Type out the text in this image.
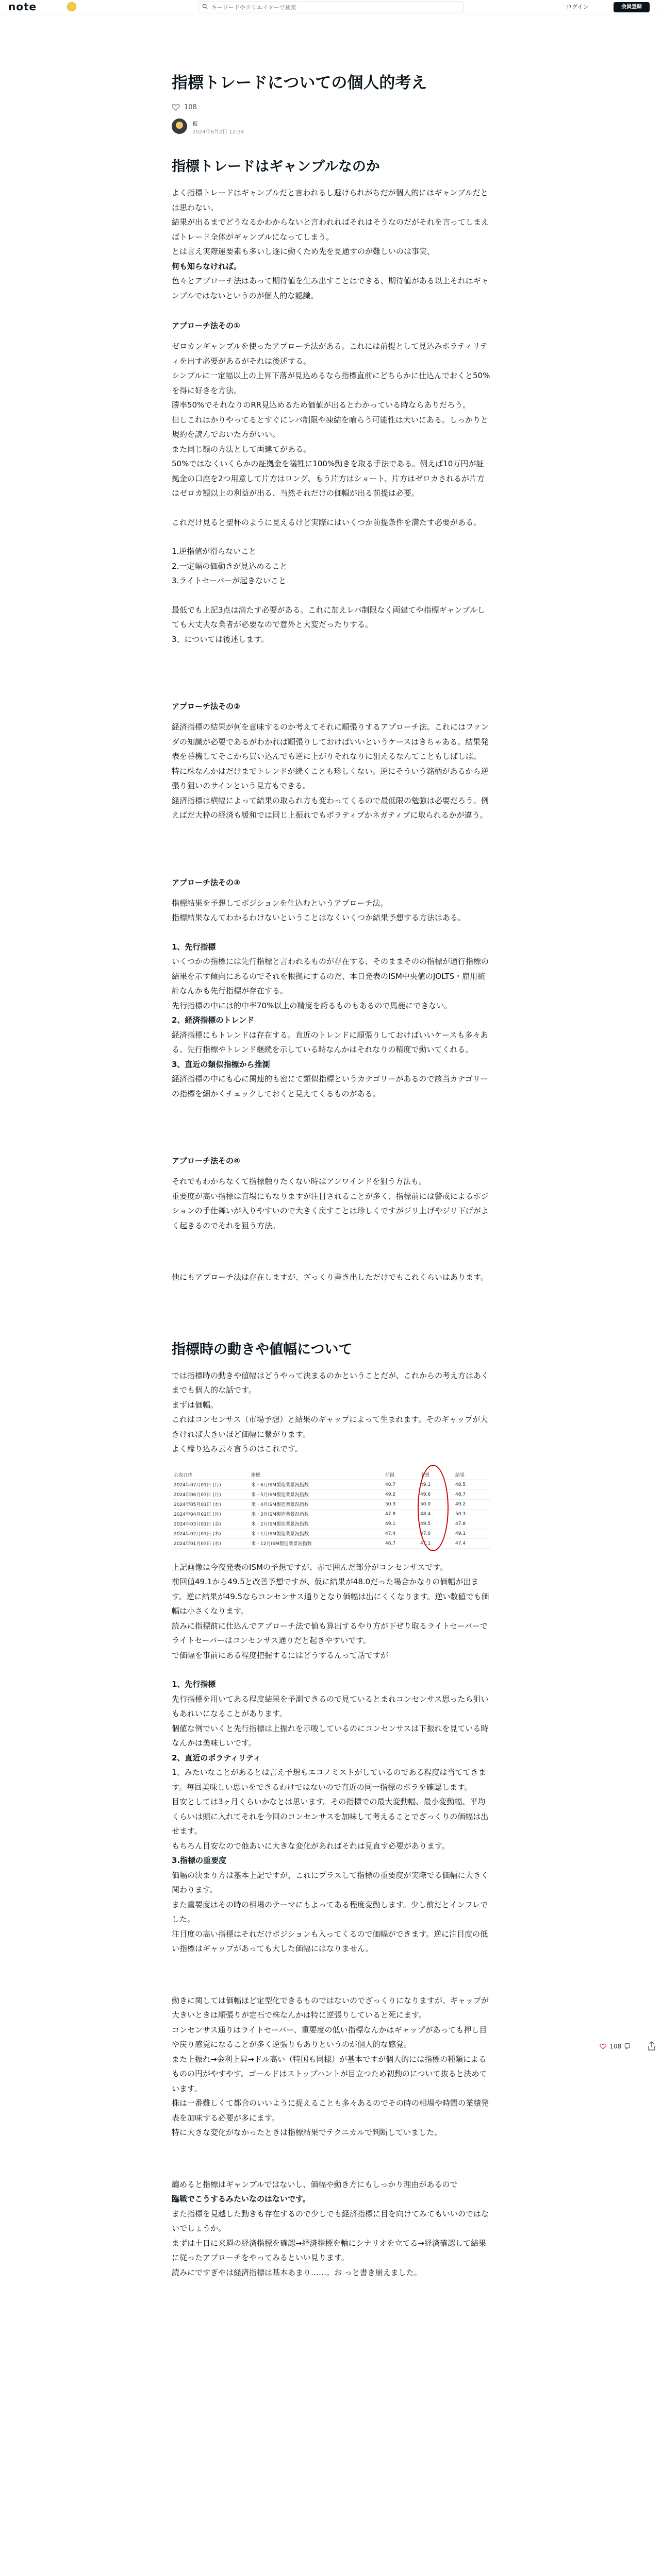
note
キーワードやクリエイターで検索	ログイン	会員登録
108
指標トレードについての個人的考え
108
仮
2024年8月2日 12:34
指標トレードはギャンブルなのか

よく指標トレードはギャンブルだと言われるし避けられがちだが個人的にはギャンブルだとは思わない。

結果が出るまでどうなるかわからないと言われればそれはそうなのだがそれを言ってしまえばトレード全体がギャンブルになってしまう。

とは言え実際運要素も多いし逐に動くため先を見通すのが難しいのは事実、

何も知らなければ。

色々とアプローチ法はあって期待値を生み出すことはできる、期待値がある以上それはギャンブルではないというのが個人的な認識。

アプローチ法その①

ゼロカンギャンブルを使ったアプローチ法がある。これには前提として見込みポラティリティを出す必要があるがそれは後述する。

シンプルに一定幅以上の上昇下落が見込めるなら指標直前にどちらかに仕込んでおくと50%を得に好きを方法。

勝率50%でそれなりのRR見込めるため価値が出るとわかっている時ならありだろう。

但しこれはかりやってるとすぐにレバ制限や凍結を喰らう可能性は大いにある。しっかりと規約を読んでおいた方がいい。

また同じ額の方法として両建てがある。

50%ではなくいくらかの証拠金を犠牲に100%動きを取る手法である。例えば10万円が証拠金の口座を2つ用意して片方はロング、もう片方はショート、片方はゼロカされるが片方はゼロカ額以上の利益が出る、当然それだけの価幅が出る前提は必要。

これだけ見ると聖杯のように見えるけど実際にはいくつか前提条件を満たす必要がある。

1.逆指値が滑らないこと

2.一定幅の価動きが見込めること

3.ライトセーバーが起きないこと

最低でも上記3点は満たす必要がある。これに加えレバ制限なく両建てや指標ギャンブルしても大丈夫な業者が必要なので意外と大変だったりする。

3、については後述します。

アプローチ法その②

経済指標の結果が何を意味するのか考えてそれに順張りするアプローチ法。これにはファンダの知識が必要であるがわかれば順張りしておけばいいというケースはきちゃある。結果発表を番機してそこから買い込んでも逆に上がりそれなりに狙えるなんてこともしばしば。

特に株なんかはだけまでトレンドが続くことも珍しくない。逆にそういう銘柄があるから逆張り狙いのサインという見方もできる。

経済指標は横幅によって結果の取られ方も変わってくるので最低限の勉強は必要だろう。例えばだ大枠の経済も緩和では同じ上振れでもポラティブかネガティブに取られるかが違う。

アプローチ法その③

指標結果を予想してポジションを仕込むというアプローチ法。

指標結果なんてわかるわけないということはなくいくつか結果予想する方法はある。

1、先行指標

いくつかの指標には先行指標と言われるものが存在する、そのままそのの指標が通行指標の結果を示す傾向にあるのでそれを根拠にするのだ、本日発表のISM中央値のJOLTS・雇用統計なんかも先行指標が存在する。

先行指標の中には的中率70%以上の精度を誇るものもあるので馬鹿にできない。

2、経済指標のトレンド

経済指標にもトレンドは存在する。直近のトレンドに順張りしておけばいいケースも多々ある。先行指標やトレンド継続を示している時なんかはそれなりの精度で動いてくれる。

3、直近の類似指標から推測

経済指標の中にも心に関連的も密にて類似指標というカテゴリーがあるので該当カテゴリーの指標を細かくチェックしておくと見えてくるものがある。

アプローチ法その④

それでもわからなくて指標触りたくない時はアンワインドを狙う方法も。

重要度が高い指標は直場にもなりますが注目されることが多く、指標前には警戒によるポジションの手仕舞いが入りやすいので大きく戻すことは珍しくですがジリ上げやジリ下げがよく起きるのでそれを狙う方法。

他にもアプローチ法は存在しますが、ざっくり書き出しただけでもこれくらいはあります。

指標時の動きや値幅について

では指標時の動きや値幅はどうやって決まるのかということだが、これからの考え方はあくまでも個人的な話です。

まずは価幅。

これはコンセンサス（市場予想）と結果のギャップによって生まれます。そのギャップが大きければ大きいほど価幅に繋がります。

よく縁り込み云々言うのはこれです。

公表日時	指標		前回	予想	結果
2024年07月01日 (月)	米・6月ISM製造業景況指数		48.7	49.1	48.5
2024年06月03日 (月)	米・5月ISM製造業景況指数		49.2	49.6	48.7
2024年05月01日 (水)	米・4月ISM製造業景況指数		50.3	50.0	49.2
2024年04月01日 (月)	米・3月ISM製造業景況指数		47.8	48.4	50.3
2024年03月01日 (金)	米・2月ISM製造業景況指数		49.1	49.5	47.8
2024年02月01日 (木)	米・1月ISM製造業景況指数		47.4	47.0	49.1
2024年01月03日 (水)	米・12月ISM製造業景況指数		46.7	47.1	47.4

上記画像は今夜発表のISMの予想ですが、赤で囲んだ部分がコンセンサスです。

前回値49.1から49.5と改善予想ですが、仮に結果が48.0だった場合かなりの価幅が出ます。逆に結果が49.5ならコンセンサス通りとなり価幅は出にくくなります。逆い数値でも価幅は小さくなります。

読みに指標前に仕込んでアプローチ法で値も算出するやり方が下ぜり取るライトセーバーでライトセーバーはコンセンサス通りだと起きやすいです。

で価幅を事前にある程度把握するにはどうするんって話ですが

1、先行指標

先行指標を用いてある程度結果を予測できるので見ているとまれコンセンサス思ったら狙いもあれいになることがあります。

個値な例でいくと先行指標は上振れを示唆しているのにコンセンサスは下振れを見ている時なんかは美味しいです。

2、直近のボラティリティ

1、みたいなことがあるとは言え予想もエコノミストがしているのである程度は当ててきます。毎回美味しい思いをできるわけではないので直近の同一指標のボラを確認します。

目安としては3ヶ月くらいかなとは思います。その指標での最大変動幅、最小変動幅、平均くらいは頭に入れてそれを今回のコンセンサスを加味して考えることでざっくりの価幅は出せます。

もちろん目安なので他あいに大きな変化があればそれは見直す必要があります。

3.指標の重要度

価幅の決まり方は基本上記ですが、これにプラスして指標の重要度が実際でる価幅に大きく関わります。

また重要度はその時の相場のテーマにもよってある程度変動します。少し前だとインフレでした。

注目度の高い指標はそれだけポジションも入ってくるので価幅ができます。逆に注目度の低い指標はギャップがあっても大した価幅にはなりません。

動きに関しては価幅ほど定型化できるものではないのでざっくりになりますが、ギャップが大きいときは順張りが定石で株なんかは特に逆張りしていると死にます。

コンセンサス通りはライトセーバー、重要度の低い指標なんかはギャップがあっても押し目や戻り感覚になることが多く逆張りもありというのが個人的な感覚。

また上振れ→金利上昇→ドル高い（特国も同様）が基本ですが個人的には指標の種類によるものの円がやすやす。ゴールドはストップハントが目立つため初動のについて抜ると決めています。

株は一番難しくて都合のいいように捉えることも多々あるのでその時の相場や時間の業績発表を加味する必要が多にます。

特に大きな変化がなかったときは指標結果でテクニカルで判断していました。

纏めると指標はギャンブルではないし、価幅や動き方にもしっかり理由があるので

臨戦でこうするみたいなのはないです。

また指標を見越した動きも存在するので少しでも経済指標に目を向けてみてもいいのではないでしょうか。

まずは土日に来週の経済指標を確認→経済指標を軸にシナリオを立てる→経済確認して結果に従ったアプローチをやってみるといい見ります。

読みにですぎやは経済指標は基本あまり……。お っと書き崩えました。
